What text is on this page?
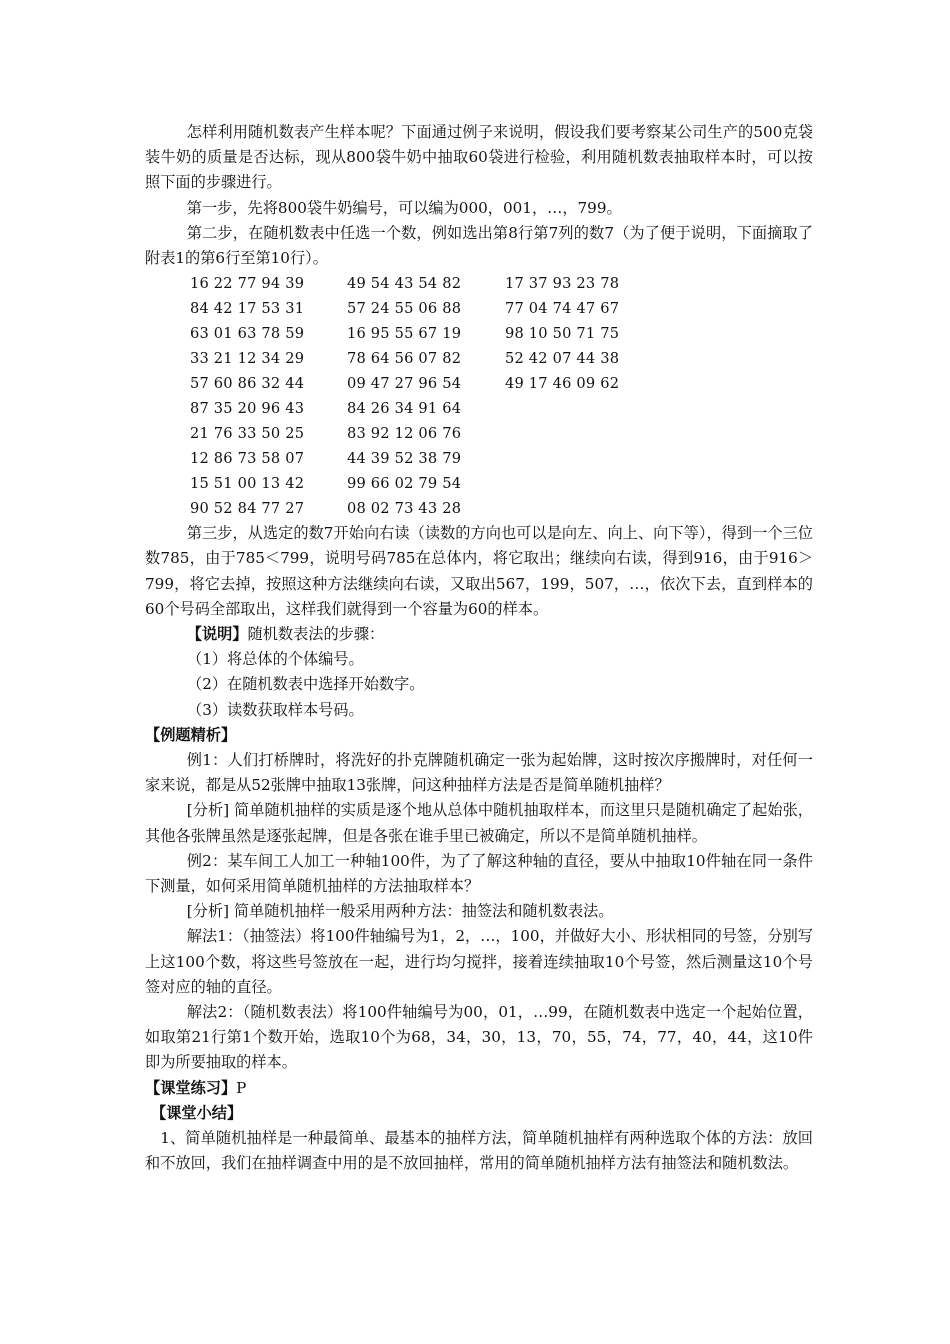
怎样利用随机数表产生样本呢？下面通过例子来说明，假设我们要考察某公司生产的500克袋装牛奶的质量是否达标，现从800袋牛奶中抽取60袋进行检验，利用随机数表抽取样本时，可以按照下面的步骤进行。

第一步，先将800袋牛奶编号，可以编为000，001，…，799。

第二步，在随机数表中任选一个数，例如选出第8行第7列的数7（为了便于说明，下面摘取了附表1的第6行至第10行）。

16 22 77 94 39	49 54 43 54 82	17 37 93 23 78
84 42 17 53 31	57 24 55 06 88	77 04 74 47 67
63 01 63 78 59	16 95 55 67 19	98 10 50 71 75
33 21 12 34 29	78 64 56 07 82	52 42 07 44 38
57 60 86 32 44	09 47 27 96 54	49 17 46 09 62
87 35 20 96 43	84 26 34 91 64
21 76 33 50 25	83 92 12 06 76
12 86 73 58 07	44 39 52 38 79
15 51 00 13 42	99 66 02 79 54
90 52 84 77 27	08 02 73 43 28

第三步，从选定的数7开始向右读（读数的方向也可以是向左、向上、向下等），得到一个三位数785，由于785＜799，说明号码785在总体内，将它取出；继续向右读，得到916，由于916＞799，将它去掉，按照这种方法继续向右读，又取出567，199，507，…，依次下去，直到样本的60个号码全部取出，这样我们就得到一个容量为60的样本。

【说明】随机数表法的步骤：

（1）将总体的个体编号。

（2）在随机数表中选择开始数字。

（3）读数获取样本号码。

【例题精析】

例1：人们打桥牌时，将洗好的扑克牌随机确定一张为起始牌，这时按次序搬牌时，对任何一家来说，都是从52张牌中抽取13张牌，问这种抽样方法是否是简单随机抽样？

[分析] 简单随机抽样的实质是逐个地从总体中随机抽取样本，而这里只是随机确定了起始张，其他各张牌虽然是逐张起牌，但是各张在谁手里已被确定，所以不是简单随机抽样。

例2：某车间工人加工一种轴100件，为了了解这种轴的直径，要从中抽取10件轴在同一条件下测量，如何采用简单随机抽样的方法抽取样本？

[分析] 简单随机抽样一般采用两种方法：抽签法和随机数表法。

解法1：（抽签法）将100件轴编号为1，2，…，100，并做好大小、形状相同的号签，分别写上这100个数，将这些号签放在一起，进行均匀搅拌，接着连续抽取10个号签，然后测量这10个号签对应的轴的直径。

解法2：（随机数表法）将100件轴编号为00，01，…99，在随机数表中选定一个起始位置，如取第21行第1个数开始，选取10个为68，34，30，13，70，55，74，77，40，44，这10件即为所要抽取的样本。

【课堂练习】P

【课堂小结】

1、简单随机抽样是一种最简单、最基本的抽样方法，简单随机抽样有两种选取个体的方法：放回和不放回，我们在抽样调查中用的是不放回抽样，常用的简单随机抽样方法有抽签法和随机数法。
